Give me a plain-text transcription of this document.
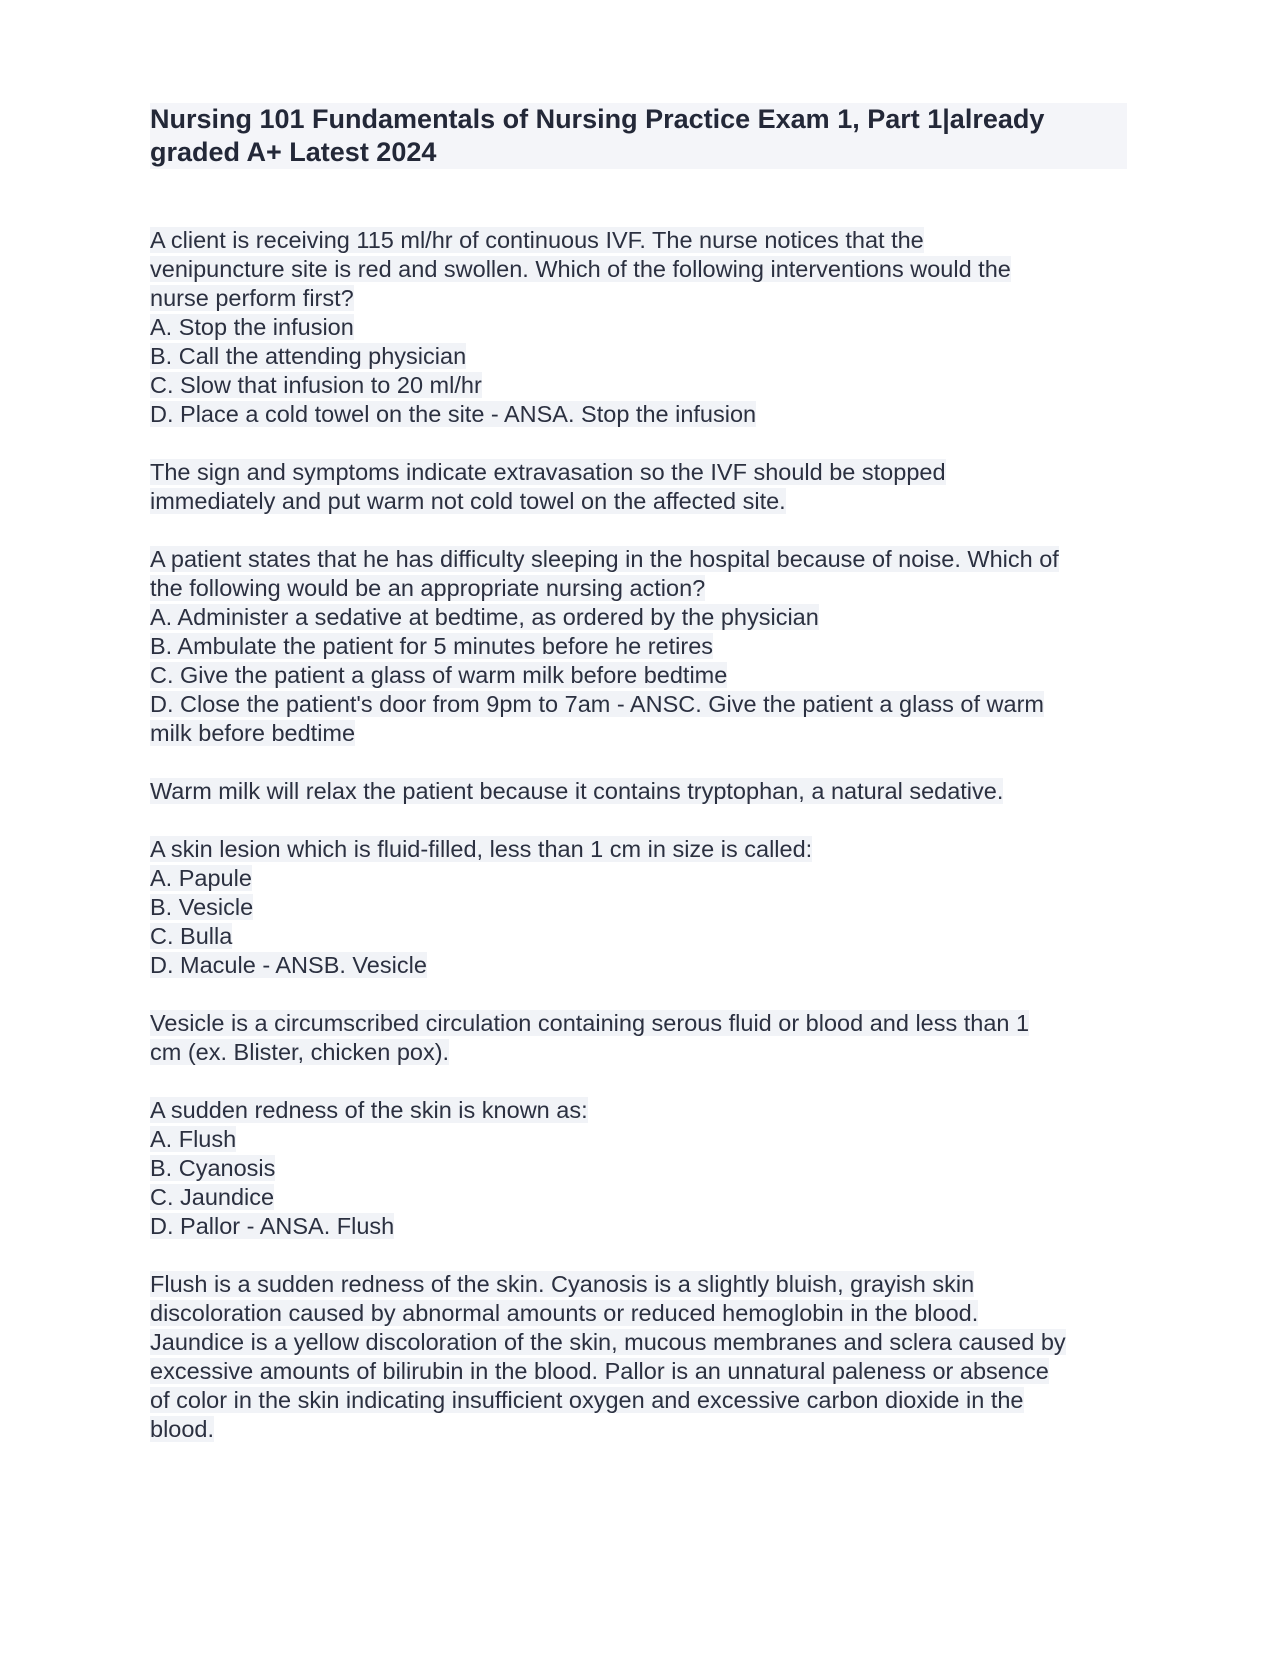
Nursing 101 Fundamentals of Nursing Practice Exam 1, Part 1|already graded A+ Latest 2024
A client is receiving 115 ml/hr of continuous IVF. The nurse notices that the
venipuncture site is red and swollen. Which of the following interventions would the
nurse perform first?
A. Stop the infusion
B. Call the attending physician
C. Slow that infusion to 20 ml/hr
D. Place a cold towel on the site - ANSA. Stop the infusion
The sign and symptoms indicate extravasation so the IVF should be stopped
immediately and put warm not cold towel on the affected site.
A patient states that he has difficulty sleeping in the hospital because of noise. Which of
the following would be an appropriate nursing action?
A. Administer a sedative at bedtime, as ordered by the physician
B. Ambulate the patient for 5 minutes before he retires
C. Give the patient a glass of warm milk before bedtime
D. Close the patient's door from 9pm to 7am - ANSC. Give the patient a glass of warm
milk before bedtime
Warm milk will relax the patient because it contains tryptophan, a natural sedative.
A skin lesion which is fluid-filled, less than 1 cm in size is called:
A. Papule
B. Vesicle
C. Bulla
D. Macule - ANSB. Vesicle
Vesicle is a circumscribed circulation containing serous fluid or blood and less than 1
cm (ex. Blister, chicken pox).
A sudden redness of the skin is known as:
A. Flush
B. Cyanosis
C. Jaundice
D. Pallor - ANSA. Flush
Flush is a sudden redness of the skin. Cyanosis is a slightly bluish, grayish skin
discoloration caused by abnormal amounts or reduced hemoglobin in the blood.
Jaundice is a yellow discoloration of the skin, mucous membranes and sclera caused by
excessive amounts of bilirubin in the blood. Pallor is an unnatural paleness or absence
of color in the skin indicating insufficient oxygen and excessive carbon dioxide in the
blood.
